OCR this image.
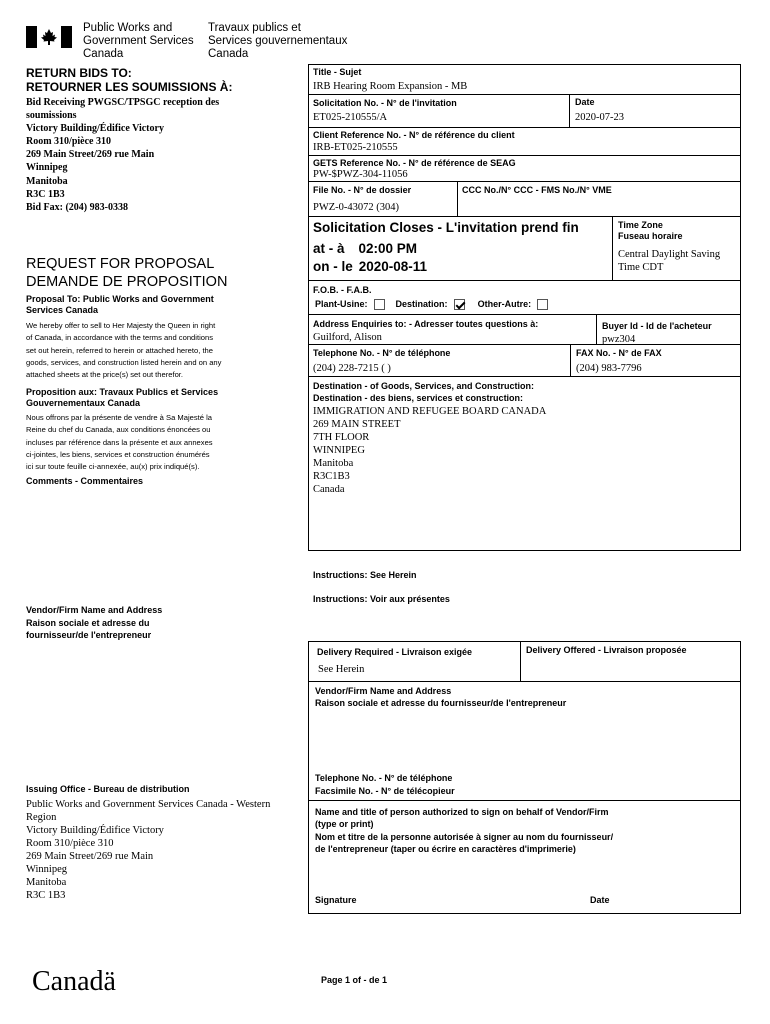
Public Works and
Government Services
Canada
Travaux publics et
Services gouvernementaux
Canada
RETURN BIDS TO:
RETOURNER LES SOUMISSIONS À:
Bid Receiving PWGSC/TPSGC reception des
soumissions
Victory Building/Édifice Victory
Room 310/pièce 310
269 Main Street/269 rue Main
Winnipeg
Manitoba
R3C 1B3
Bid Fax: (204) 983-0338
REQUEST FOR PROPOSAL
DEMANDE DE PROPOSITION
Proposal To: Public Works and Government
Services Canada
We hereby offer to sell to Her Majesty the Queen in right
of Canada, in accordance with the terms and conditions
set out herein, referred to herein or attached hereto, the
goods, services, and construction listed herein and on any
attached sheets at the price(s) set out therefor.
Proposition aux: Travaux Publics et Services
Gouvernementaux Canada
Nous offrons par la présente de vendre à Sa Majesté la
Reine du chef du Canada, aux conditions énoncées ou
incluses par référence dans la présente et aux annexes
ci-jointes, les biens, services et construction énumérés
ici sur toute feuille ci-annexée, au(x) prix indiqué(s).
Comments - Commentaires
Vendor/Firm Name and Address
Raison sociale et adresse du
fournisseur/de l'entrepreneur
Issuing Office - Bureau de distribution
Public Works and Government Services Canada - Western
Region
Victory Building/Édifice Victory
Room 310/pièce 310
269 Main Street/269 rue Main
Winnipeg
Manitoba
R3C 1B3
Title - Sujet
IRB Hearing Room Expansion - MB
Solicitation No. - N° de l'invitation
ET025-210555/A
Date
2020-07-23
Client Reference No. - N° de référence du client
IRB-ET025-210555
GETS Reference No. - N° de référence de SEAG
PW-$PWZ-304-11056
File No. - N° de dossier
PWZ-0-43072 (304)
CCC No./N° CCC - FMS No./N° VME
Solicitation Closes - L'invitation prend fin
at - à 02:00 PM
on - le 2020-08-11
Time Zone
Fuseau horaire
Central Daylight Saving
Time CDT
F.O.B. - F.A.B.
Plant-Usine:	Destination:	Other-Autre:
Address Enquiries to: - Adresser toutes questions à:
Guilford, Alison
Buyer Id - Id de l'acheteur
pwz304
Telephone No. - N° de téléphone
(204) 228-7215 ( )
FAX No. - N° de FAX
(204) 983-7796
Destination - of Goods, Services, and Construction:
Destination - des biens, services et construction:
IMMIGRATION AND REFUGEE BOARD CANADA
269 MAIN STREET
7TH FLOOR
WINNIPEG
Manitoba
R3C1B3
Canada
Instructions: See Herein
Instructions: Voir aux présentes
Delivery Required - Livraison exigée
See Herein
Delivery Offered - Livraison proposée
Vendor/Firm Name and Address
Raison sociale et adresse du fournisseur/de l'entrepreneur
Telephone No. - N° de téléphone
Facsimile No. - N° de télécopieur
Name and title of person authorized to sign on behalf of Vendor/Firm
(type or print)
Nom et titre de la personne autorisée à signer au nom du fournisseur/
de l'entrepreneur (taper ou écrire en caractères d'imprimerie)
Signature	Date
Canadä	Page 1 of - de 1
